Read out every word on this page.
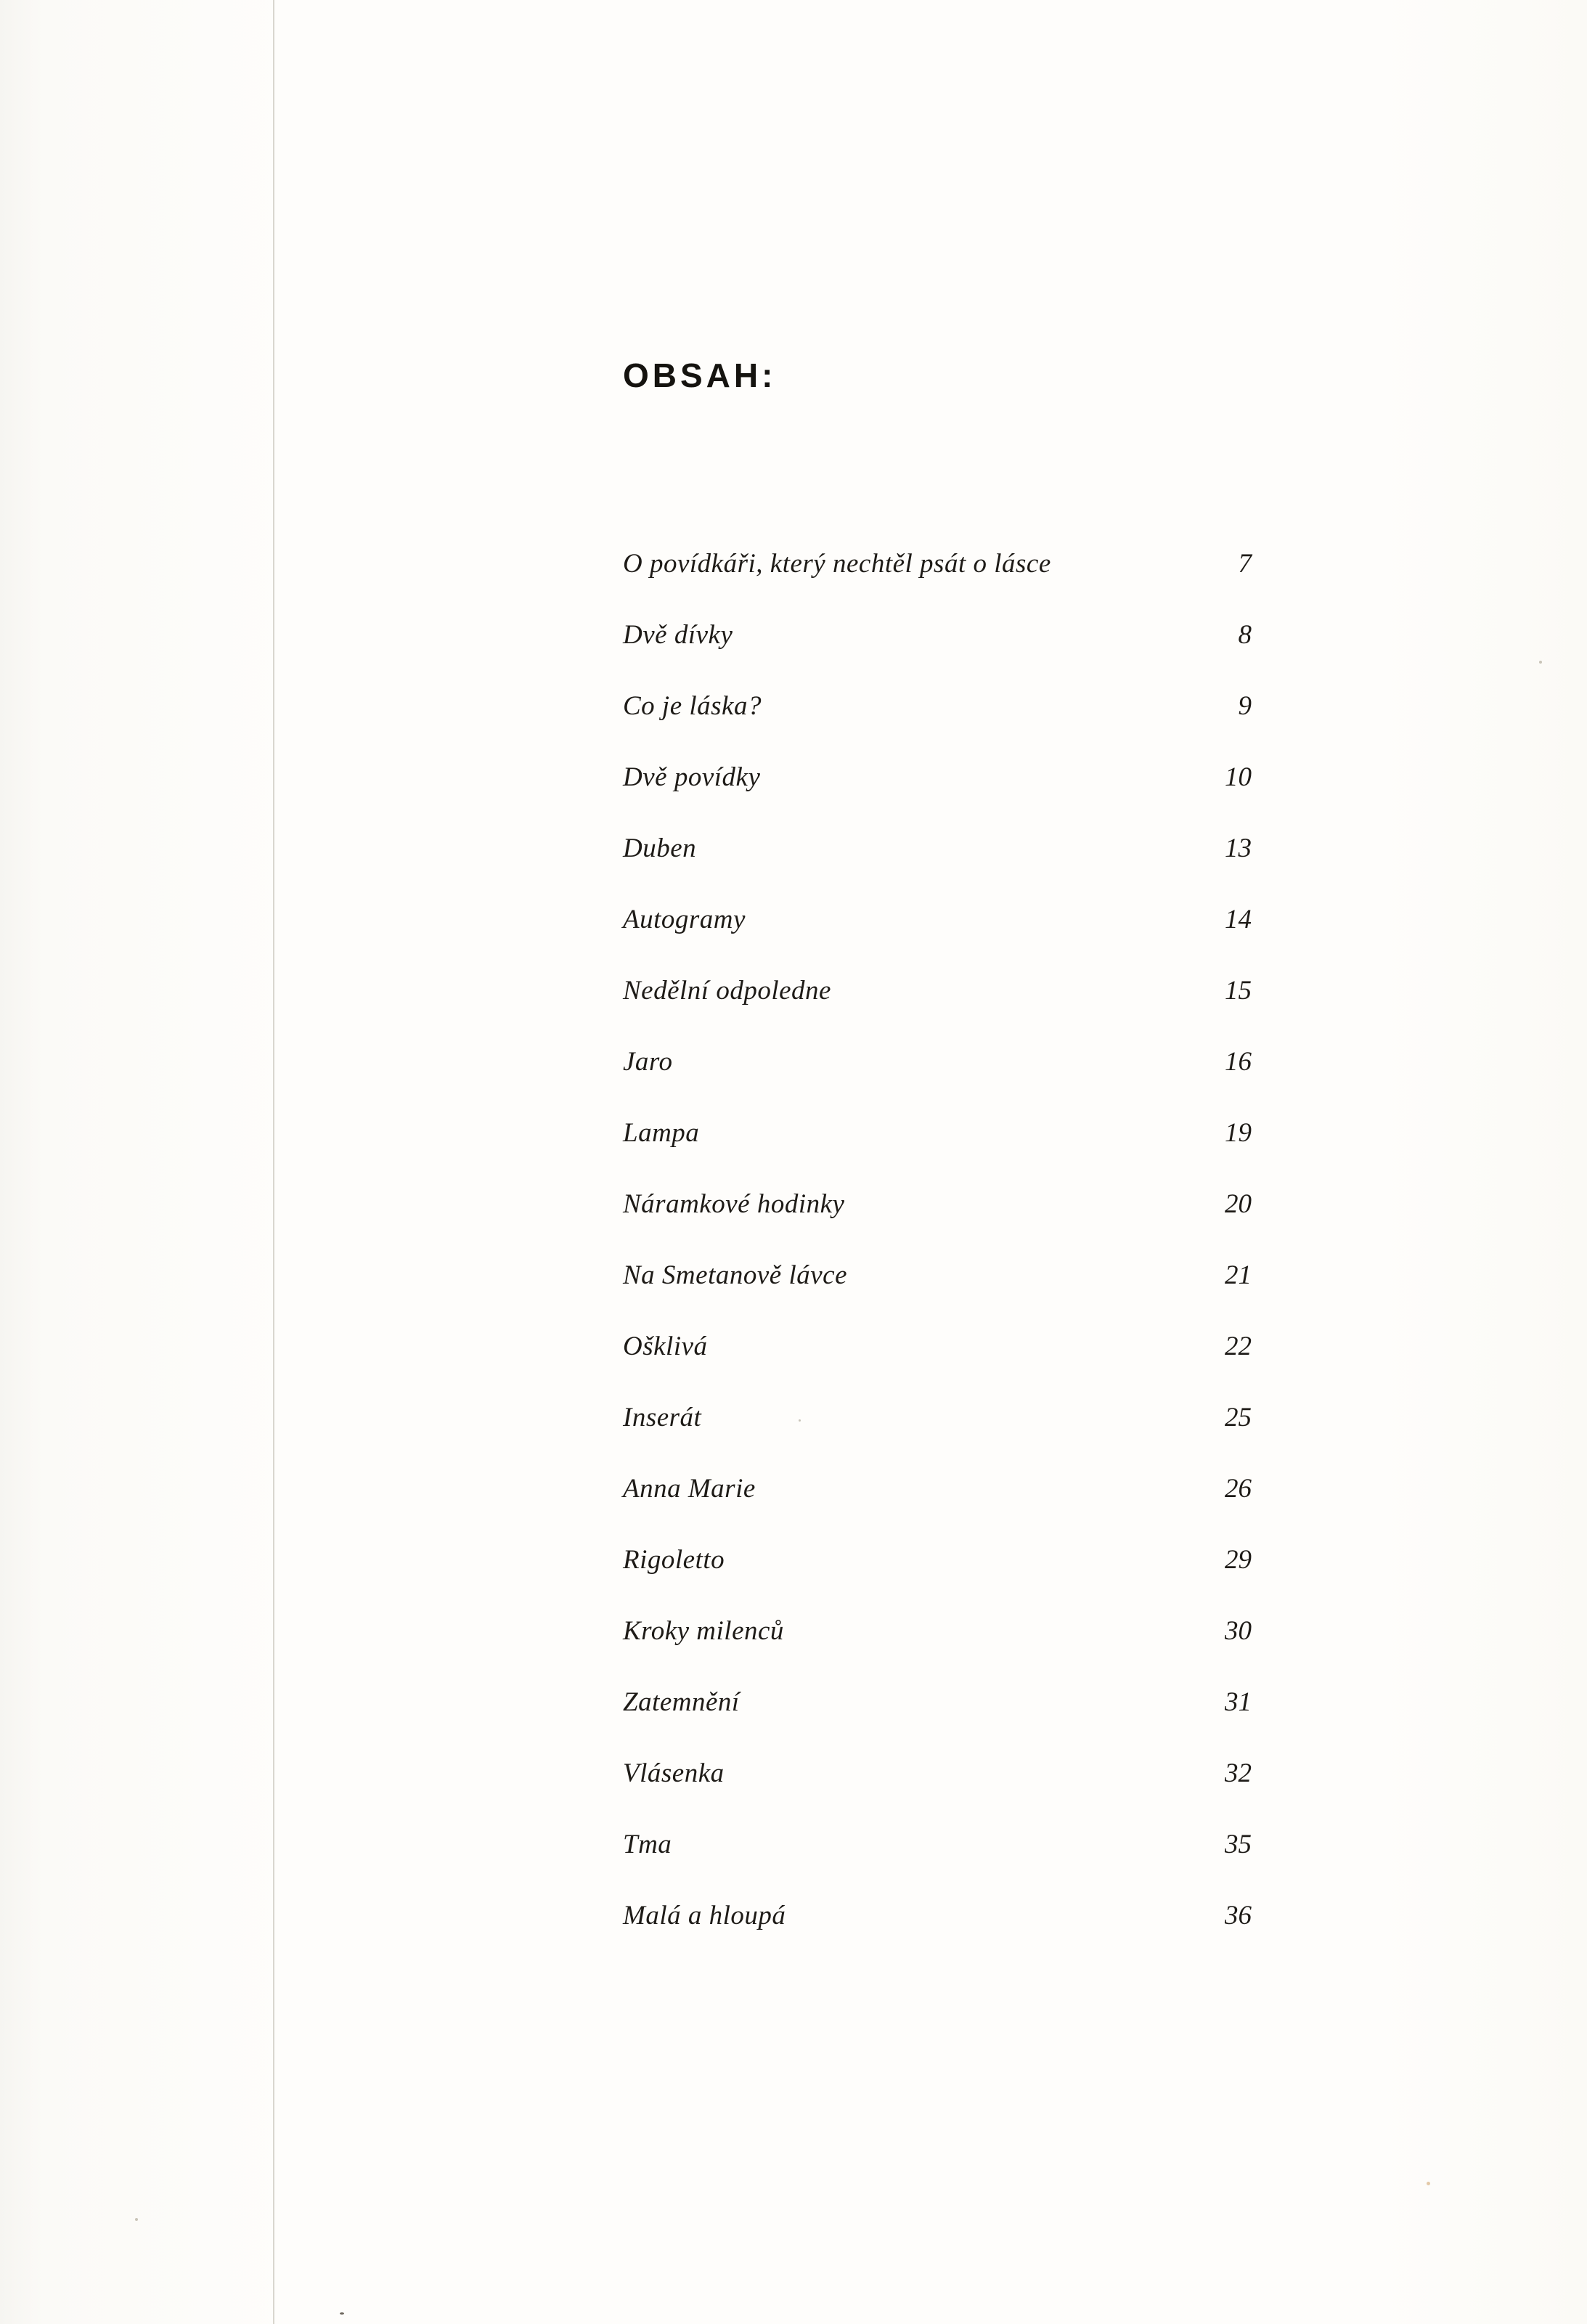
OBSAH:
O povídkáři, který nechtěl psát o lásce	7
Dvě dívky	8
Co je láska?	9
Dvě povídky	10
Duben	13
Autogramy	14
Nedělní odpoledne	15
Jaro	16
Lampa	19
Náramkové hodinky	20
Na Smetanově lávce	21
Ošklivá	22
Inserát	25
Anna Marie	26
Rigoletto	29
Kroky milenců	30
Zatemnění	31
Vlásenka	32
Tma	35
Malá a hloupá	36
